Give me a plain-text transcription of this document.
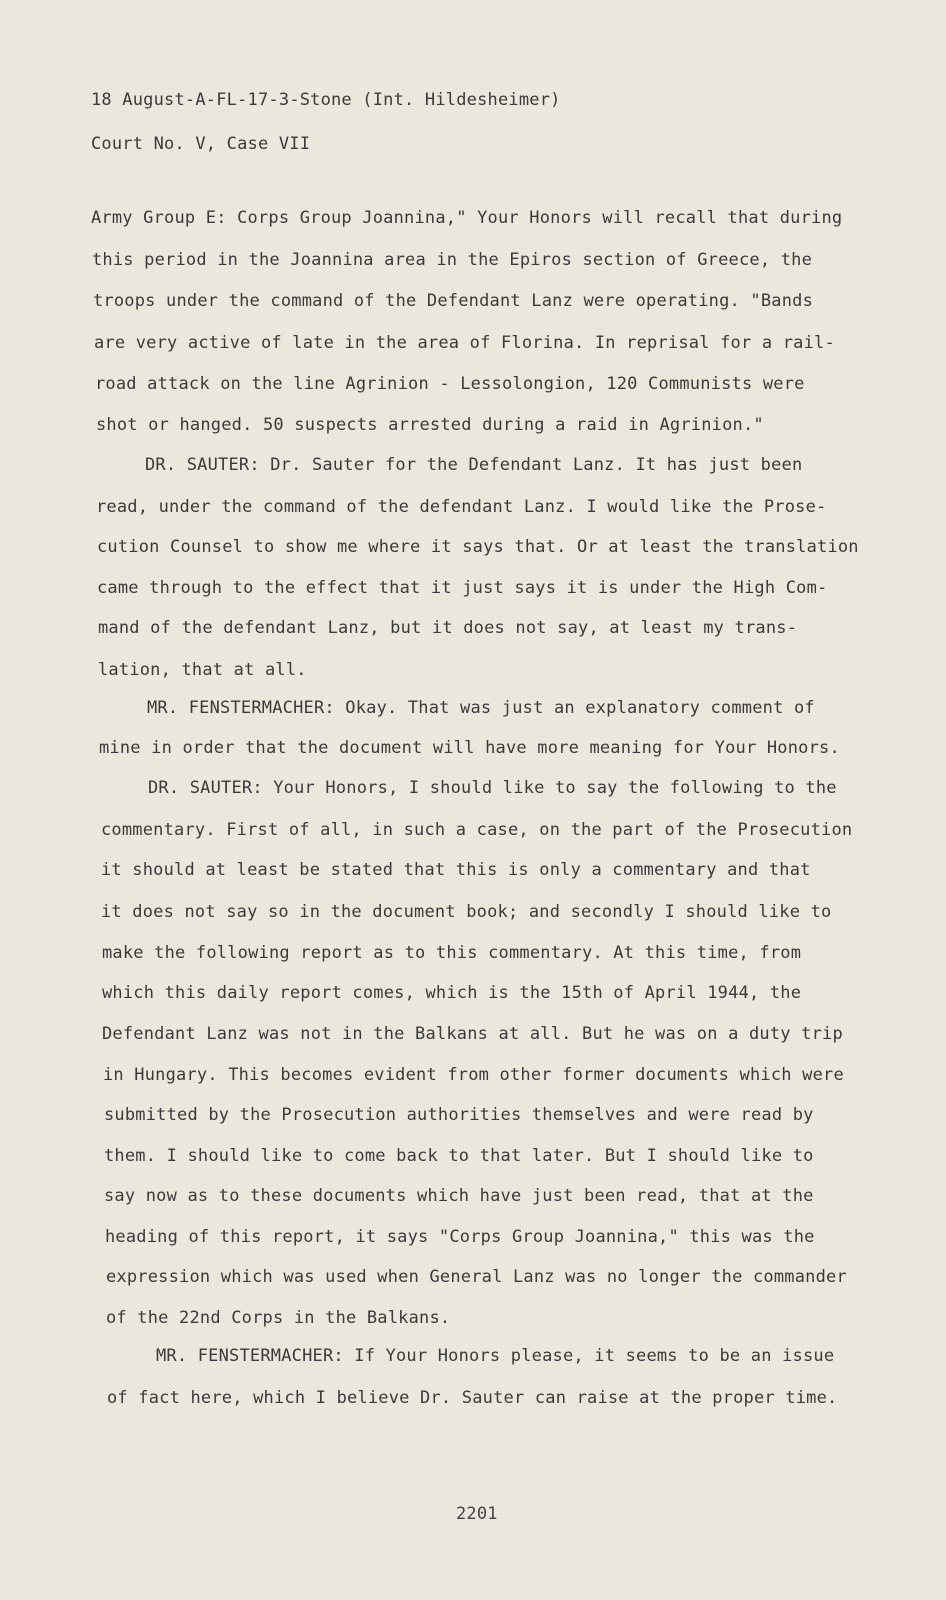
18 August-A-FL-17-3-Stone (Int. Hildesheimer)

Court No. V, Case VII

Army Group E: Corps Group Joannina," Your Honors will recall that during

this period in the Joannina area in the Epiros section of Greece, the

troops under the command of the Defendant Lanz were operating. "Bands

are very active of late in the area of Florina. In reprisal for a rail-

road attack on the line Agrinion - Lessolongion, 120 Communists were

shot or hanged. 50 suspects arrested during a raid in Agrinion."

DR. SAUTER: Dr. Sauter for the Defendant Lanz. It has just been

read, under the command of the defendant Lanz. I would like the Prose-

cution Counsel to show me where it says that. Or at least the translation

came through to the effect that it just says it is under the High Com-

mand of the defendant Lanz, but it does not say, at least my trans-

lation, that at all.

MR. FENSTERMACHER: Okay. That was just an explanatory comment of

mine in order that the document will have more meaning for Your Honors.

DR. SAUTER: Your Honors, I should like to say the following to the

commentary. First of all, in such a case, on the part of the Prosecution

it should at least be stated that this is only a commentary and that

it does not say so in the document book; and secondly I should like to

make the following report as to this commentary. At this time, from

which this daily report comes, which is the 15th of April 1944, the

Defendant Lanz was not in the Balkans at all. But he was on a duty trip

in Hungary. This becomes evident from other former documents which were

submitted by the Prosecution authorities themselves and were read by

them. I should like to come back to that later. But I should like to

say now as to these documents which have just been read, that at the

heading of this report, it says "Corps Group Joannina," this was the

expression which was used when General Lanz was no longer the commander

of the 22nd Corps in the Balkans.

MR. FENSTERMACHER: If Your Honors please, it seems to be an issue

of fact here, which I believe Dr. Sauter can raise at the proper time.

2201
